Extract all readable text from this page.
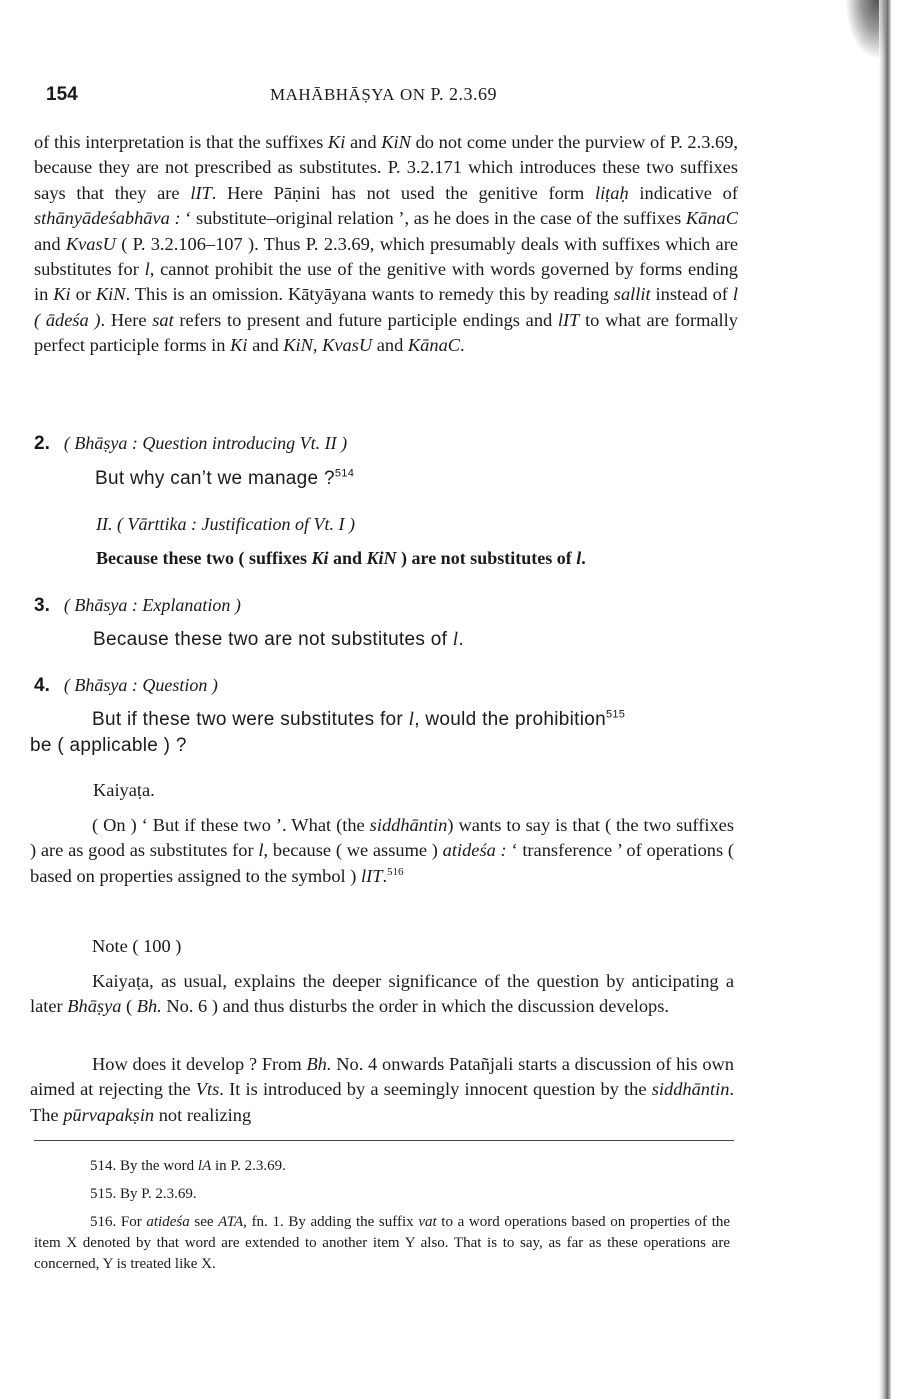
154	MAHĀBHĀṢYA ON P. 2.3.69

of this interpretation is that the suffixes Ki and KiN do not come under the purview of P. 2.3.69, because they are not prescribed as substitutes. P. 3.2.171 which introduces these two suffixes says that they are lIT. Here Pāṇini has not used the genitive form liṭaḥ indicative of sthānyādeśabhāva : ‘ substitute–original relation ’, as he does in the case of the suffixes KānaC and KvasU ( P. 3.2.106–107 ). Thus P. 2.3.69, which presumably deals with suffixes which are substitutes for l, cannot prohibit the use of the genitive with words governed by forms ending in Ki or KiN. This is an omission. Kātyāyana wants to remedy this by reading sallit instead of l ( ādeśa ). Here sat refers to present and future participle endings and lIT to what are formally perfect participle forms in Ki and KiN, KvasU and KānaC.

2. ( Bhāṣya : Question introducing Vt. II )
But why can’t we manage ?$^{514}$
II. ( Vārttika : Justification of Vt. I )
Because these two ( suffixes Ki and KiN ) are not substitutes of l.
3. ( Bhāsya : Explanation )
Because these two are not substitutes of l.
4. ( Bhāsya : Question )
But if these two were substitutes for l, would the prohibition$^{515}$
be ( applicable ) ?
Kaiyaṭa.

( On ) ‘ But if these two ’. What (the siddhāntin) wants to say is that ( the two suffixes ) are as good as substitutes for l, because ( we assume ) atideśa : ‘ transference ’ of operations ( based on properties assigned to the symbol ) lIT.$^{516}$

Note ( 100 )

Kaiyaṭa, as usual, explains the deeper significance of the question by anticipating a later Bhāṣya ( Bh. No. 6 ) and thus disturbs the order in which the discussion develops.

How does it develop ? From Bh. No. 4 onwards Patañjali starts a discussion of his own aimed at rejecting the Vts. It is introduced by a seemingly innocent question by the siddhāntin. The pūrvapakṣin not realizing

514. By the word lA in P. 2.3.69.
515. By P. 2.3.69.

516. For atideśa see ATA, fn. 1. By adding the suffix vat to a word operations based on properties of the item X denoted by that word are extended to another item Y also. That is to say, as far as these operations are concerned, Y is treated like X.
